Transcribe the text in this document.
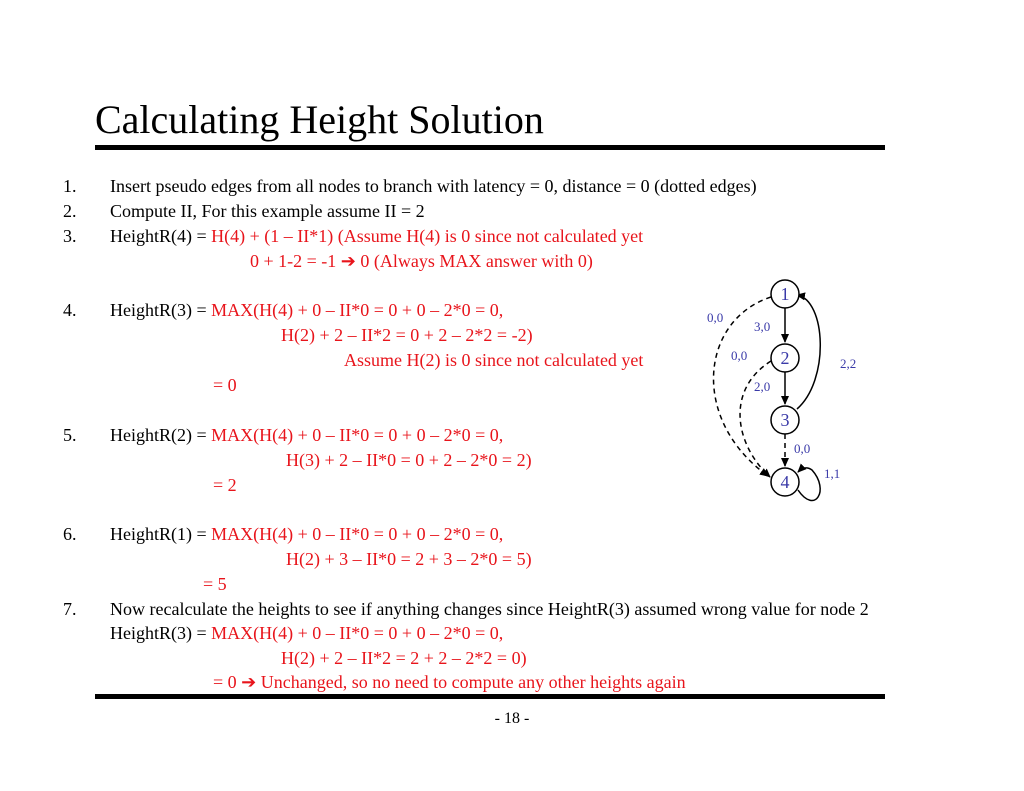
Calculating Height Solution
1. Insert pseudo edges from all nodes to branch with latency = 0, distance = 0 (dotted edges)
2. Compute II, For this example assume II = 2
3. HeightR(4) = H(4) + (1 – II*1) (Assume H(4) is 0 since not calculated yet
0 + 1-2 = -1 ➔ 0 (Always MAX answer with 0)
4. HeightR(3) = MAX(H(4) + 0 – II*0 = 0 + 0 – 2*0 = 0,
H(2) + 2 – II*2 = 0 + 2 – 2*2 = -2)
Assume H(2) is 0 since not calculated yet
= 0
5. HeightR(2) = MAX(H(4) + 0 – II*0 = 0 + 0 – 2*0 = 0,
H(3) + 2 – II*0 = 0 + 2 – 2*0 = 2)
= 2
6. HeightR(1) = MAX(H(4) + 0 – II*0 = 0 + 0 – 2*0 = 0,
H(2) + 3 – II*0 = 2 + 3 – 2*0 = 5)
= 5
7. Now recalculate the heights to see if anything changes since HeightR(3) assumed wrong value for node 2
HeightR(3) = MAX(H(4) + 0 – II*0 = 0 + 0 – 2*0 = 0,
H(2) + 2 – II*2 = 2 + 2 – 2*2 = 0)
= 0 ➔ Unchanged, so no need to compute any other heights again
- 18 -
1
2
3
4
0,0
3,0
0,0
2,2
2,0
0,0
1,1
